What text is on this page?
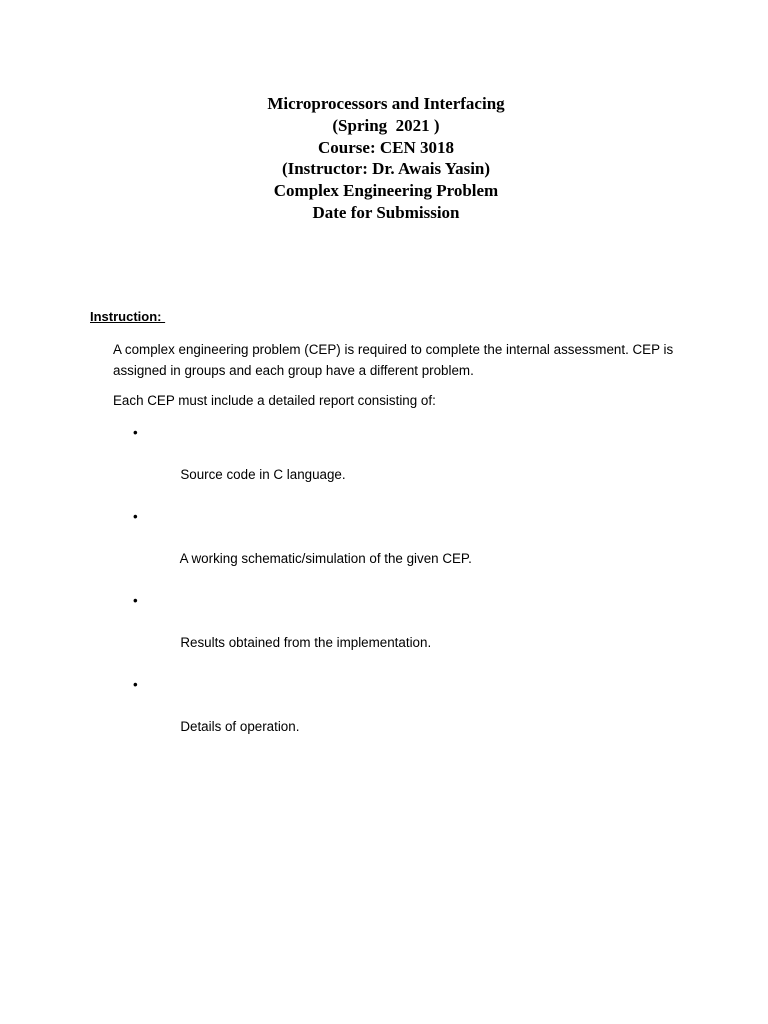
Microprocessors and Interfacing
(Spring  2021 )
Course: CEN 3018
(Instructor: Dr. Awais Yasin)
Complex Engineering Problem
Date for Submission
Instruction:
A complex engineering problem (CEP) is required to complete the internal assessment. CEP is assigned in groups and each group have a different problem.
Each CEP must include a detailed report consisting of:

•

Source code in C language.

•

A working schematic/simulation of the given CEP.

•

Results obtained from the implementation.

•

Details of operation.
